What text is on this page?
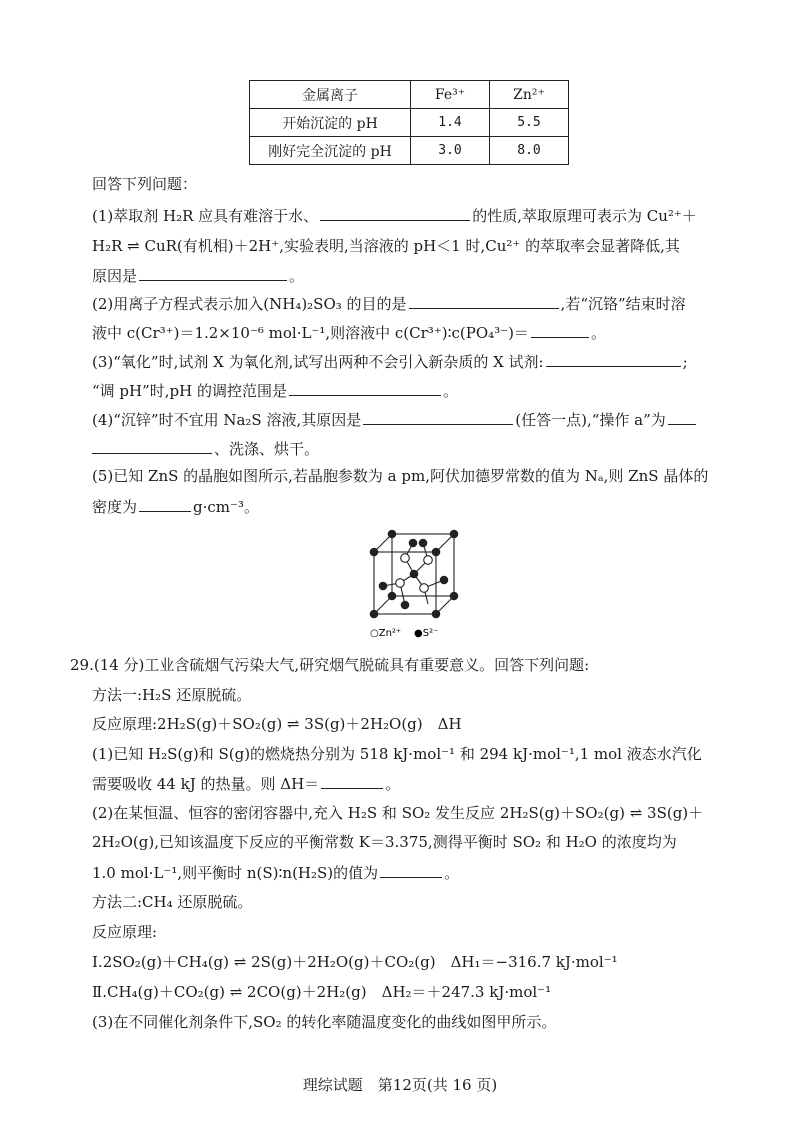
金属离子	Fe³⁺	Zn²⁺
开始沉淀的 pH	1.4	5.5
刚好完全沉淀的 pH	3.0	8.0
回答下列问题：
(1)萃取剂 H₂R 应具有难溶于水、	的性质,萃取原理可表示为 Cu²⁺＋
H₂R ⇌ CuR(有机相)＋2H⁺,实验表明,当溶液的 pH＜1 时,Cu²⁺ 的萃取率会显著降低,其
原因是	。
(2)用离子方程式表示加入(NH₄)₂SO₃ 的目的是	,若“沉铬”结束时溶
液中 c(Cr³⁺)＝1.2×10⁻⁶ mol·L⁻¹,则溶液中 c(Cr³⁺)∶c(PO₄³⁻)＝	。
(3)“氧化”时,试剂 X 为氧化剂,试写出两种不会引入新杂质的 X 试剂:	;
“调 pH”时,pH 的调控范围是	。
(4)“沉锌”时不宜用 Na₂S 溶液,其原因是	(任答一点),“操作 a”为
、洗涤、烘干。
(5)已知 ZnS 的晶胞如图所示,若晶胞参数为 a pm,阿伏加德罗常数的值为 Nₐ,则 ZnS 晶体的
密度为	g·cm⁻³。
○Zn²⁺ ●S²⁻
29.(14 分)工业含硫烟气污染大气,研究烟气脱硫具有重要意义。回答下列问题:
方法一:H₂S 还原脱硫。
反应原理:2H₂S(g)＋SO₂(g) ⇌ 3S(g)＋2H₂O(g)　ΔH
(1)已知 H₂S(g)和 S(g)的燃烧热分别为 518 kJ·mol⁻¹ 和 294 kJ·mol⁻¹,1 mol 液态水汽化
需要吸收 44 kJ 的热量。则 ΔH＝	。
(2)在某恒温、恒容的密闭容器中,充入 H₂S 和 SO₂ 发生反应 2H₂S(g)＋SO₂(g) ⇌ 3S(g)＋
2H₂O(g),已知该温度下反应的平衡常数 K＝3.375,测得平衡时 SO₂ 和 H₂O 的浓度均为
1.0 mol·L⁻¹,则平衡时 n(S)∶n(H₂S)的值为	。
方法二:CH₄ 还原脱硫。
反应原理:
Ⅰ.2SO₂(g)＋CH₄(g) ⇌ 2S(g)＋2H₂O(g)＋CO₂(g)　ΔH₁＝−316.7 kJ·mol⁻¹
Ⅱ.CH₄(g)＋CO₂(g) ⇌ 2CO(g)＋2H₂(g)　ΔH₂＝＋247.3 kJ·mol⁻¹
(3)在不同催化剂条件下,SO₂ 的转化率随温度变化的曲线如图甲所示。
理综试题　第12页(共 16 页)
